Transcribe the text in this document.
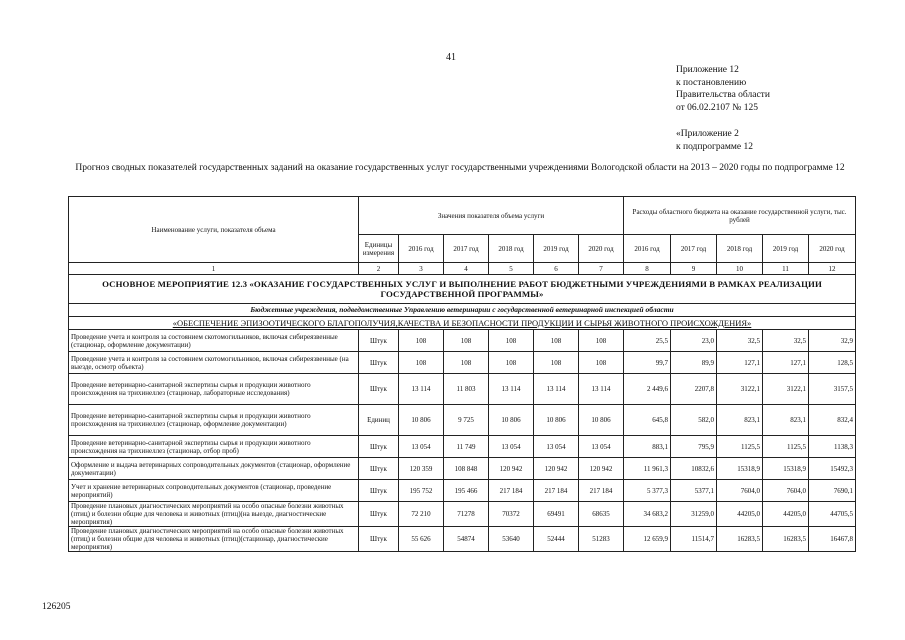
41
Приложение 12
к постановлению
Правительства области
от 06.02.2107 № 125
«Приложение 2
к подпрограмме 12
Прогноз сводных показателей государственных заданий на оказание государственных услуг государственными учреждениями Вологодской области на 2013 – 2020 годы по подпрограмме 12
Наименование услуги, показателя объема	Значения показателя объема услуги						Расходы областного бюджета на оказание государственной услуги, тыс. рублей				
	Единицы измерения	2016 год	2017 год	2018 год	2019 год	2020 год	2016 год	2017 год	2018 год	2019 год	2020 год
1	2	3	4	5	6	7	8	9	10	11	12
ОСНОВНОЕ МЕРОПРИЯТИЕ 12.3 «ОКАЗАНИЕ ГОСУДАРСТВЕННЫХ УСЛУГ И ВЫПОЛНЕНИЕ РАБОТ БЮДЖЕТНЫМИ УЧРЕЖДЕНИЯМИ В РАМКАХ РЕАЛИЗАЦИИ ГОСУДАРСТВЕННОЙ ПРОГРАММЫ»											
Бюджетные учреждения, подведомственные Управлению ветеринарии с государственной ветеринарной инспекцией области											
«ОБЕСПЕЧЕНИЕ ЭПИЗООТИЧЕСКОГО БЛАГОПОЛУЧИЯ,КАЧЕСТВА И БЕЗОПАСНОСТИ ПРОДУКЦИИ И СЫРЬЯ ЖИВОТНОГО ПРОИСХОЖДЕНИЯ»											
Проведение учета и контроля за состоянием скотомогильников, включая сибиреязвенные (стационар, оформление документации)	Штук	108	108	108	108	108	25,5	23,0	32,5	32,5	32,9
Проведение учета и контроля за состоянием скотомогильников, включая сибиреязвенные (на выезде, осмотр объекта)	Штук	108	108	108	108	108	99,7	89,9	127,1	127,1	128,5
Проведение ветеринарно-санитарной экспертизы сырья и продукции животного происхождения на трихинеллез (стационар, лабораторные исследования)	Штук	13 114	11 803	13 114	13 114	13 114	2 449,6	2207,8	3122,1	3122,1	3157,5
Проведение ветеринарно-санитарной экспертизы сырья и продукции животного происхождения на трихинеллез (стационар, оформление документации)	Единиц	10 806	9 725	10 806	10 806	10 806	645,8	582,0	823,1	823,1	832,4
Проведение ветеринарно-санитарной экспертизы сырья и продукции животного происхождения на трихинеллез (стационар, отбор проб)	Штук	13 054	11 749	13 054	13 054	13 054	883,1	795,9	1125,5	1125,5	1138,3
Оформление и выдача ветеринарных сопроводительных документов (стационар, оформление документации)	Штук	120 359	108 848	120 942	120 942	120 942	11 961,3	10832,6	15318,9	15318,9	15492,3
Учет и хранение ветеринарных сопроводительных документов (стационар, проведение мероприятий)	Штук	195 752	195 466	217 184	217 184	217 184	5 377,3	5377,1	7604,0	7604,0	7690,1
Проведение плановых диагностических мероприятий на особо опасные болезни животных (птиц) и болезни общие для человека и животных (птиц)(на выезде, диагностические мероприятия)	Штук	72 210	71278	70372	69491	68635	34 683,2	31259,0	44205,0	44205,0	44705,5
Проведение плановых диагностических мероприятий на особо опасные болезни животных (птиц) и болезни общие для человека и животных (птиц)(стационар, диагностические мероприятия)	Штук	55 626	54874	53640	52444	51283	12 659,9	11514,7	16283,5	16283,5	16467,8
126205
